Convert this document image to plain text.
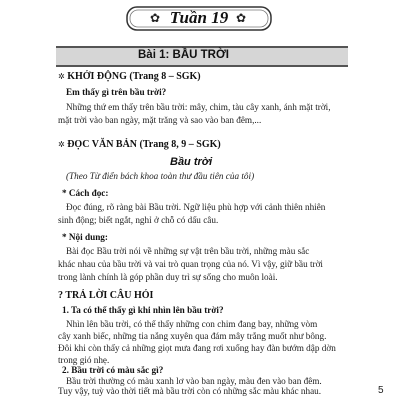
✿ Tuần 19 ✿
Bài 1: BẦU TRỜI
✲ KHỞI ĐỘNG (Trang 8 – SGK)
Em thấy gì trên bầu trời?
Những thứ em thấy trên bầu trời: mây, chim, tàu cây xanh, ánh mặt trời,
mặt trời vào ban ngày, mặt trăng và sao vào ban đêm,...
✲ ĐỌC VĂN BẢN (Trang 8, 9 – SGK)
Bầu trời
(Theo Từ điển bách khoa toàn thư đầu tiên của tôi)
* Cách đọc:
Đọc đúng, rõ ràng bài Bầu trời. Ngữ liệu phù hợp với cảnh thiên nhiên
sinh động; biết ngắt, nghỉ ở chỗ có dấu câu.
* Nội dung:
Bài đọc Bầu trời nói về những sự vật trên bầu trời, những màu sắc
khác nhau của bầu trời và vai trò quan trọng của nó. Vì vậy, giữ bầu trời
trong lành chính là góp phần duy trì sự sống cho muôn loài.
? TRẢ LỜI CÂU HỎI
1. Ta có thể thấy gì khi nhìn lên bầu trời?
Nhìn lên bầu trời, có thể thấy những con chim đang bay, những vòm
cây xanh biếc, những tia nắng xuyên qua đám mây trắng muốt như bông.
Đôi khi còn thấy cả những giọt mưa đang rơi xuống hay đàn bướm dập dờn
trong gió nhẹ.
2. Bầu trời có màu sắc gì?
Bầu trời thường có màu xanh lơ vào ban ngày, màu đen vào ban đêm.
Tuy vậy, tuỳ vào thời tiết mà bầu trời còn có những sắc màu khác nhau.	5
